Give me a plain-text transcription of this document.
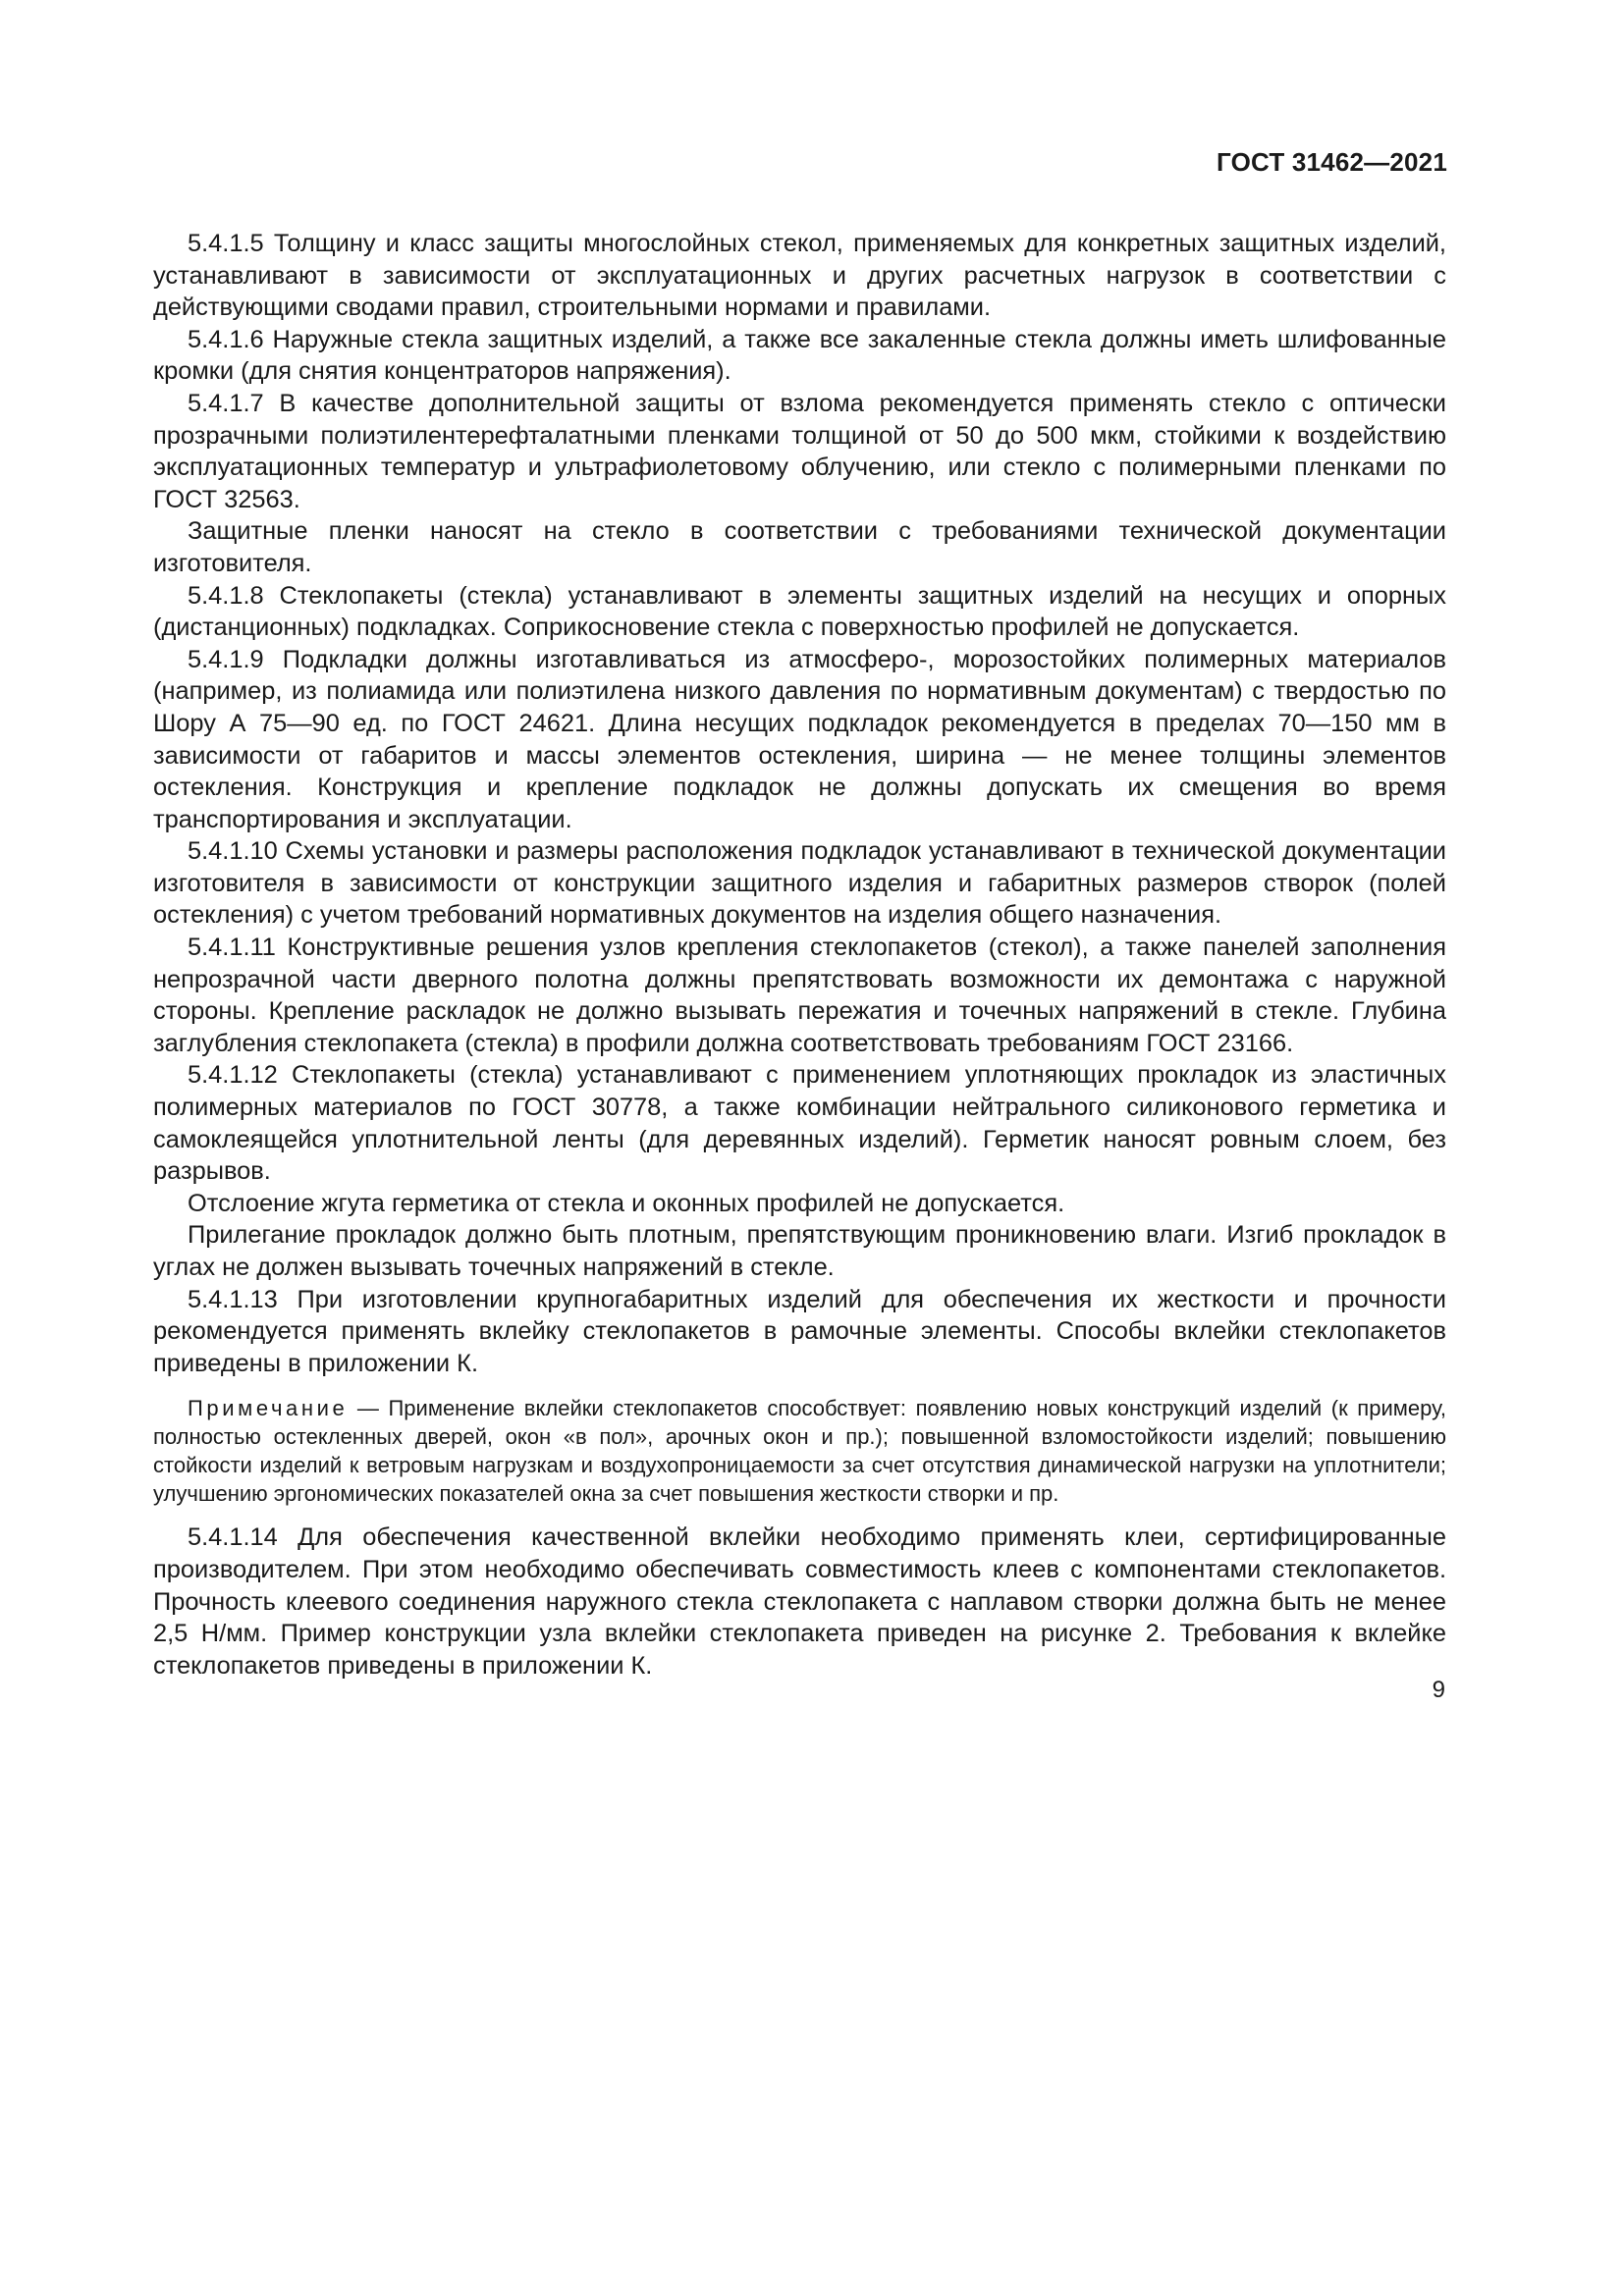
ГОСТ 31462—2021

5.4.1.5 Толщину и класс защиты многослойных стекол, применяемых для конкретных защитных изделий, устанавливают в зависимости от эксплуатационных и других расчетных нагрузок в соответствии с действующими сводами правил, строительными нормами и правилами.

5.4.1.6 Наружные стекла защитных изделий, а также все закаленные стекла должны иметь шлифованные кромки (для снятия концентраторов напряжения).

5.4.1.7 В качестве дополнительной защиты от взлома рекомендуется применять стекло с оптически прозрачными полиэтилентерефталатными пленками толщиной от 50 до 500 мкм, стойкими к воздействию эксплуатационных температур и ультрафиолетовому облучению, или стекло с полимерными пленками по ГОСТ 32563.

Защитные пленки наносят на стекло в соответствии с требованиями технической документации изготовителя.

5.4.1.8 Стеклопакеты (стекла) устанавливают в элементы защитных изделий на несущих и опорных (дистанционных) подкладках. Соприкосновение стекла с поверхностью профилей не допускается.

5.4.1.9 Подкладки должны изготавливаться из атмосферо-, морозостойких полимерных материалов (например, из полиамида или полиэтилена низкого давления по нормативным документам) с твердостью по Шору А 75—90 ед. по ГОСТ 24621. Длина несущих подкладок рекомендуется в пределах 70—150 мм в зависимости от габаритов и массы элементов остекления, ширина — не менее толщины элементов остекления. Конструкция и крепление подкладок не должны допускать их смещения во время транспортирования и эксплуатации.

5.4.1.10 Схемы установки и размеры расположения подкладок устанавливают в технической документации изготовителя в зависимости от конструкции защитного изделия и габаритных размеров створок (полей остекления) с учетом требований нормативных документов на изделия общего назначения.

5.4.1.11 Конструктивные решения узлов крепления стеклопакетов (стекол), а также панелей заполнения непрозрачной части дверного полотна должны препятствовать возможности их демонтажа с наружной стороны. Крепление раскладок не должно вызывать пережатия и точечных напряжений в стекле. Глубина заглубления стеклопакета (стекла) в профили должна соответствовать требованиям ГОСТ 23166.

5.4.1.12 Стеклопакеты (стекла) устанавливают с применением уплотняющих прокладок из эластичных полимерных материалов по ГОСТ 30778, а также комбинации нейтрального силиконового герметика и самоклеящейся уплотнительной ленты (для деревянных изделий). Герметик наносят ровным слоем, без разрывов.

Отслоение жгута герметика от стекла и оконных профилей не допускается.

Прилегание прокладок должно быть плотным, препятствующим проникновению влаги. Изгиб прокладок в углах не должен вызывать точечных напряжений в стекле.

5.4.1.13 При изготовлении крупногабаритных изделий для обеспечения их жесткости и прочности рекомендуется применять вклейку стеклопакетов в рамочные элементы. Способы вклейки стеклопакетов приведены в приложении К.

Примечание — Применение вклейки стеклопакетов способствует: появлению новых конструкций изделий (к примеру, полностью остекленных дверей, окон «в пол», арочных окон и пр.); повышенной взломостойкости изделий; повышению стойкости изделий к ветровым нагрузкам и воздухопроницаемости за счет отсутствия динамической нагрузки на уплотнители; улучшению эргономических показателей окна за счет повышения жесткости створки и пр.

5.4.1.14 Для обеспечения качественной вклейки необходимо применять клеи, сертифицированные производителем. При этом необходимо обеспечивать совместимость клеев с компонентами стеклопакетов. Прочность клеевого соединения наружного стекла стеклопакета с наплавом створки должна быть не менее 2,5 Н/мм. Пример конструкции узла вклейки стеклопакета приведен на рисунке 2. Требования к вклейке стеклопакетов приведены в приложении К.

9
